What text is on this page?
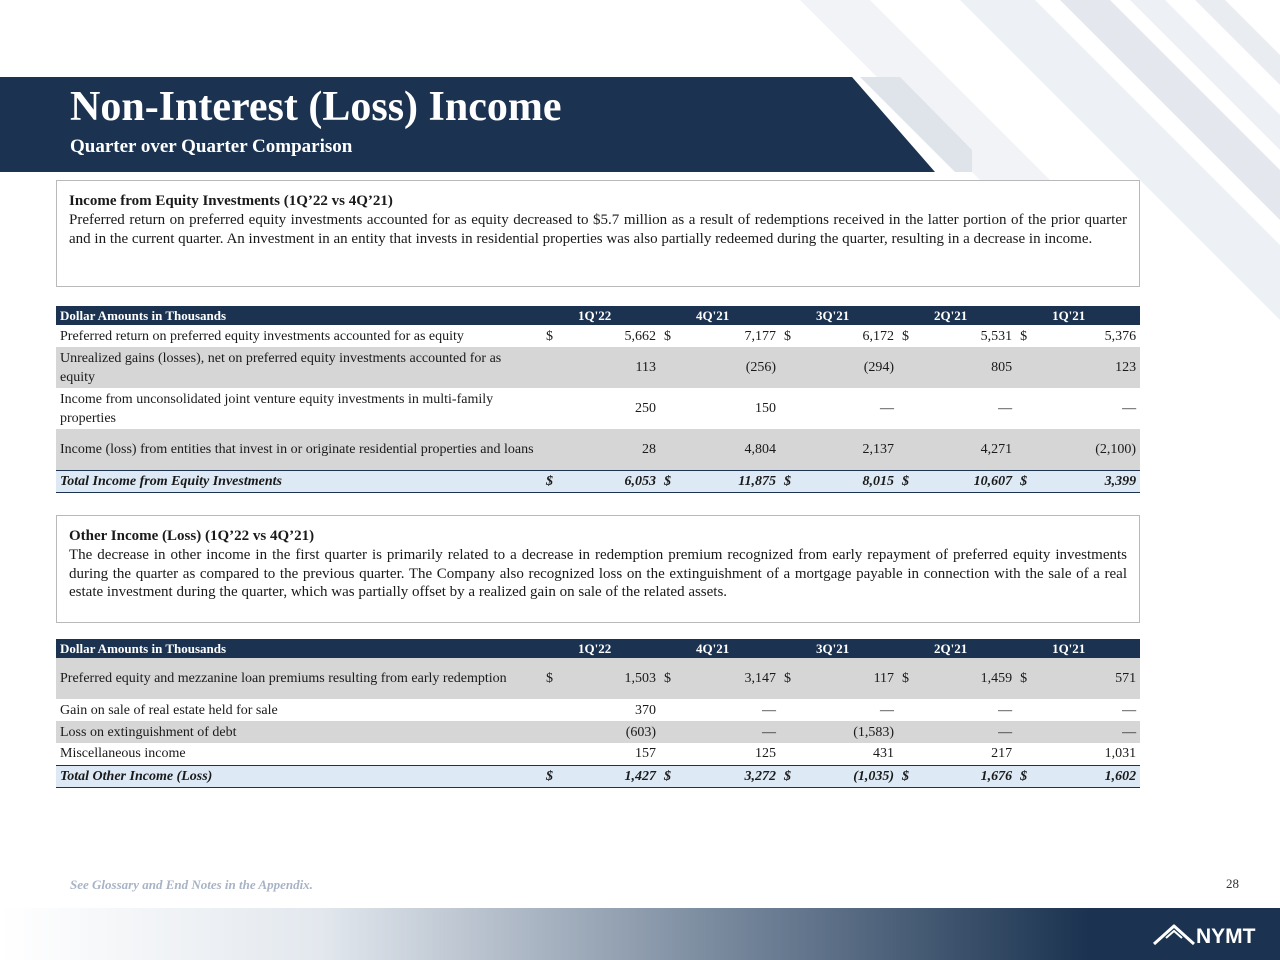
Non-Interest (Loss) Income
Quarter over Quarter Comparison
Income from Equity Investments (1Q’22 vs 4Q’21)
Preferred return on preferred equity investments accounted for as equity decreased to $5.7 million as a result of redemptions received in the latter portion of the prior quarter and in the current quarter. An investment in an entity that invests in residential properties was also partially redeemed during the quarter, resulting in a decrease in income.
Dollar Amounts in Thousands	1Q'22		4Q'21		3Q'21		2Q'21		1Q'21	
Preferred return on preferred equity investments accounted for as equity	$	5,662	$	7,177	$	6,172	$	5,531	$	5,376
Unrealized gains (losses), net on preferred equity investments accounted for as equity		113		(256)		(294)		805		123
Income from unconsolidated joint venture equity investments in multi-family properties		250		150		—		—		—
Income (loss) from entities that invest in or originate residential properties and loans		28		4,804		2,137		4,271		(2,100)
Total Income from Equity Investments	$	6,053	$	11,875	$	8,015	$	10,607	$	3,399
Other Income (Loss) (1Q’22 vs 4Q’21)
The decrease in other income in the first quarter is primarily related to a decrease in redemption premium recognized from early repayment of preferred equity investments during the quarter as compared to the previous quarter. The Company also recognized loss on the extinguishment of a mortgage payable in connection with the sale of a real estate investment during the quarter, which was partially offset by a realized gain on sale of the related assets.
Dollar Amounts in Thousands	1Q'22		4Q'21		3Q'21		2Q'21		1Q'21	
Preferred equity and mezzanine loan premiums resulting from early redemption	$	1,503	$	3,147	$	117	$	1,459	$	571
Gain on sale of real estate held for sale		370		—		—		—		—
Loss on extinguishment of debt		(603)		—		(1,583)		—		—
Miscellaneous income		157		125		431		217		1,031
Total Other Income (Loss)	$	1,427	$	3,272	$	(1,035)	$	1,676	$	1,602

See Glossary and End Notes in the Appendix.	28

NYMT
